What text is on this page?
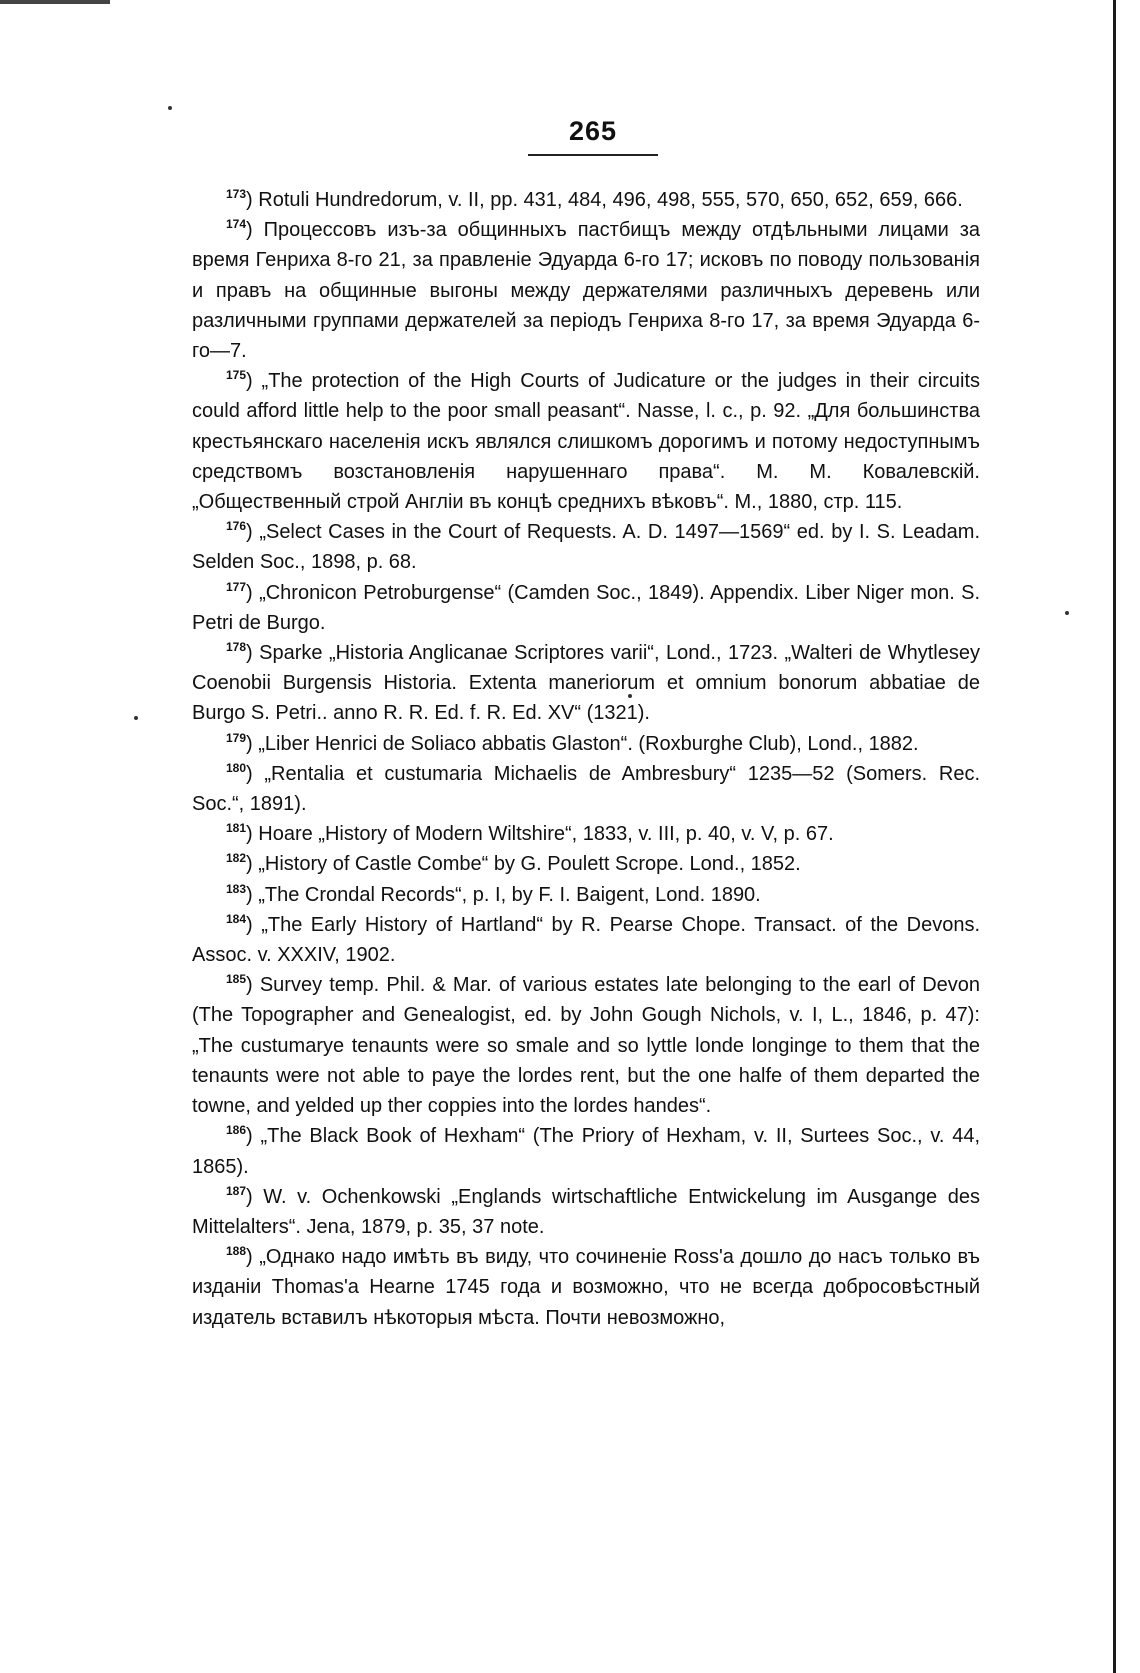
265

$^{173}$) Rotuli Hundredorum, v. II, pp. 431, 484, 496, 498, 555, 570, 650, 652, 659, 666.

$^{174}$) Процессовъ изъ-за общинныхъ пастбищъ между отдѣльными лицами за время Генриха 8-го 21, за правленіе Эдуарда 6-го 17; исковъ по поводу пользованія и правъ на общинные выгоны между держателями различныхъ деревень или различными группами держателей за періодъ Генриха 8-го 17, за время Эдуарда 6-го—7.

$^{175}$) „The protection of the High Courts of Judicature or the judges in their circuits could afford little help to the poor small peasant“. Nasse, l. c., p. 92. „Для большинства крестьянскаго населенія искъ являлся слишкомъ дорогимъ и потому недоступнымъ средствомъ возстановленія нарушеннаго права“. М. М. Ковалевскій. „Общественный строй Англіи въ концѣ среднихъ вѣковъ“. М., 1880, стр. 115.

$^{176}$) „Select Cases in the Court of Requests. A. D. 1497—1569“ ed. by I. S. Leadam. Selden Soc., 1898, p. 68.

$^{177}$) „Chronicon Petroburgense“ (Camden Soc., 1849). Appendix. Liber Niger mon. S. Petri de Burgo.

$^{178}$) Sparke „Historia Anglicanae Scriptores varii“, Lond., 1723. „Walteri de Whytlesey Coenobii Burgensis Historia. Extenta maneriorum et omnium bonorum abbatiae de Burgo S. Petri.. anno R. R. Ed. f. R. Ed. XV“ (1321).

$^{179}$) „Liber Henrici de Soliaco abbatis Glaston“. (Roxburghe Club), Lond., 1882.

$^{180}$) „Rentalia et custumaria Michaelis de Ambresbury“ 1235—52 (Somers. Rec. Soc.“, 1891).

$^{181}$) Hoare „History of Modern Wiltshire“, 1833, v. III, p. 40, v. V, p. 67.

$^{182}$) „History of Castle Combe“ by G. Poulett Scrope. Lond., 1852.

$^{183}$) „The Crondal Records“, p. I, by F. I. Baigent, Lond. 1890.

$^{184}$) „The Early History of Hartland“ by R. Pearse Chope. Transact. of the Devons. Assoc. v. XXXIV, 1902.

$^{185}$) Survey temp. Phil. & Mar. of various estates late belonging to the earl of Devon (The Topographer and Genealogist, ed. by John Gough Nichols, v. I, L., 1846, p. 47): „The custumarye tenaunts were so smale and so lyttle londe longinge to them that the tenaunts were not able to paye the lordes rent, but the one halfe of them departed the towne, and yelded up ther coppies into the lordes handes“.

$^{186}$) „The Black Book of Hexham“ (The Priory of Hexham, v. II, Surtees Soc., v. 44, 1865).

$^{187}$) W. v. Ochenkowski „Englands wirtschaftliche Entwickelung im Ausgange des Mittelalters“. Jena, 1879, p. 35, 37 note.

$^{188}$) „Однако надо имѣть въ виду, что сочиненіе Ross'a дошло до насъ только въ изданіи Thomas'a Hearne 1745 года и возможно, что не всегда добросовѣстный издатель вставилъ нѣкоторыя мѣста. Почти невозможно,
